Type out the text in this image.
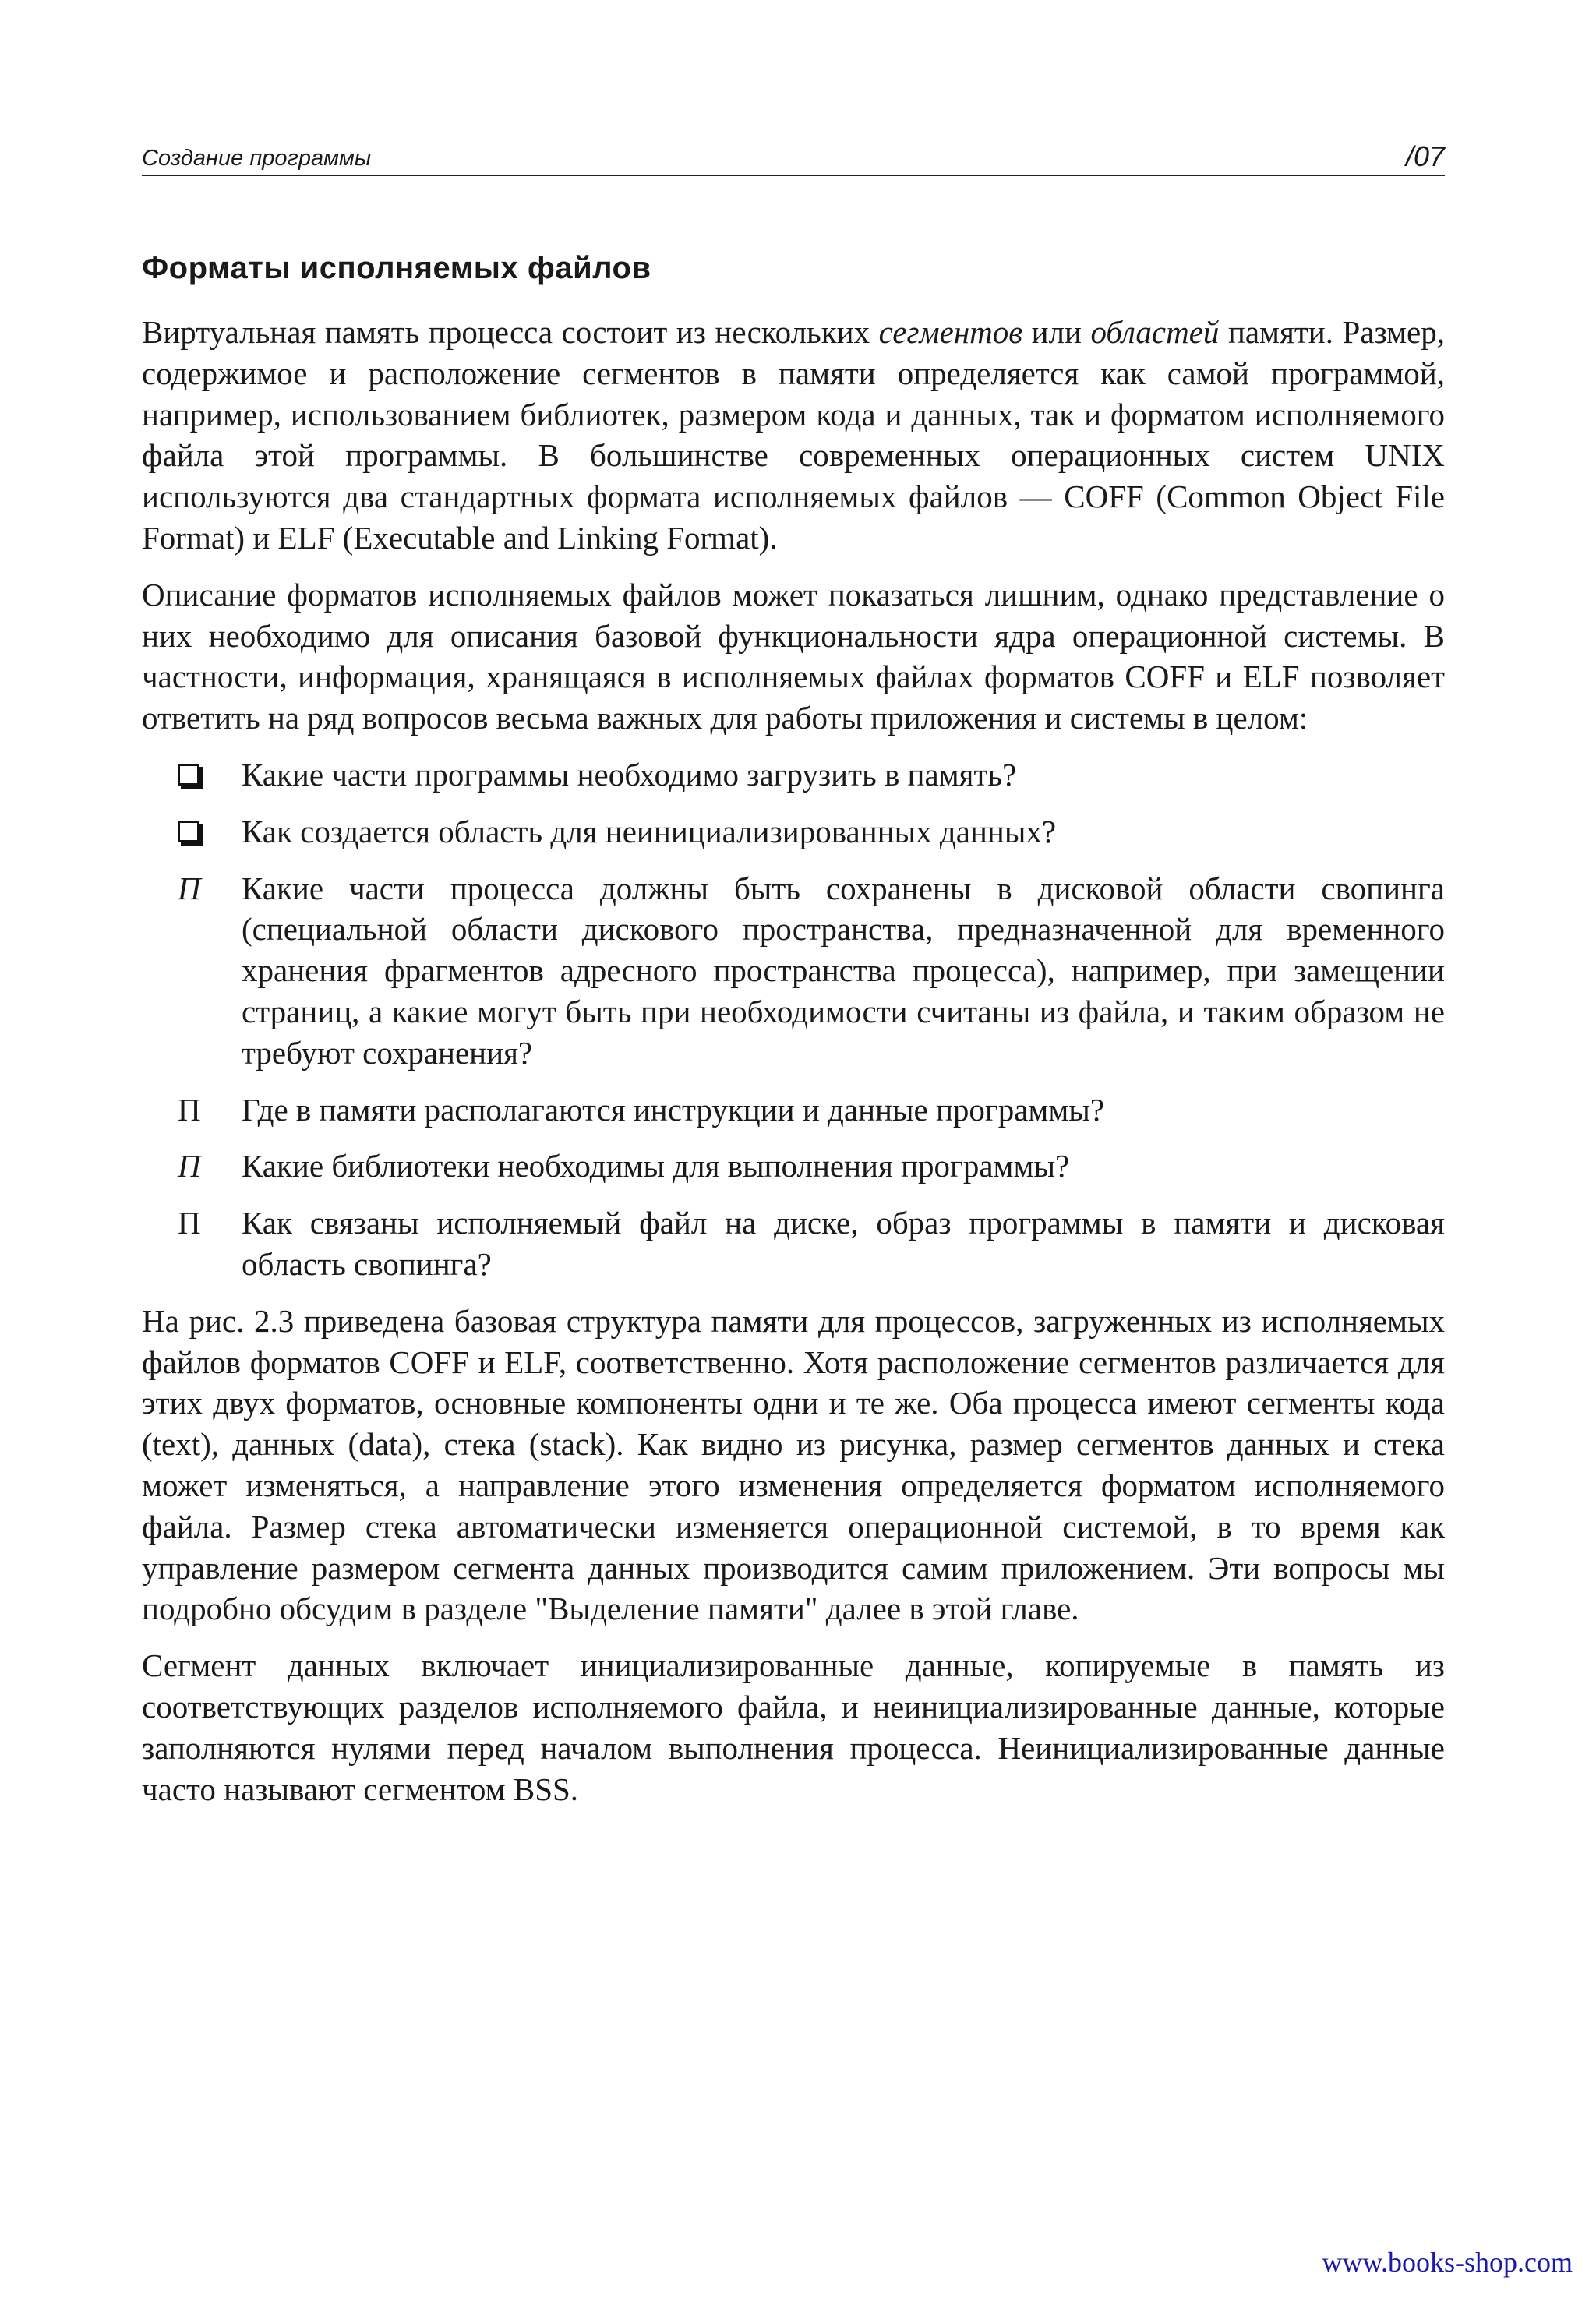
Создание программы	/07
Форматы исполняемых файлов

Виртуальная память процесса состоит из нескольких сегментов или областей памяти. Размер, содержимое и расположение сегментов в памяти определяется как самой программой, например, использованием библиотек, размером кода и данных, так и форматом исполняемого файла этой программы. В большинстве современных операционных систем UNIX используются два стандартных формата исполняемых файлов — COFF (Common Object File Format) и ELF (Executable and Linking Format).

Описание форматов исполняемых файлов может показаться лишним, однако представление о них необходимо для описания базовой функциональности ядра операционной системы. В частности, информация, хранящаяся в исполняемых файлах форматов COFF и ELF позволяет ответить на ряд вопросов весьма важных для работы приложения и системы в целом:

Какие части программы необходимо загрузить в память?
Как создается область для неинициализированных данных?
П	Какие части процесса должны быть сохранены в дисковой области свопинга (специальной области дискового пространства, предназначенной для временного хранения фрагментов адресного пространства процесса), например, при замещении страниц, а какие могут быть при необходимости считаны из файла, и таким образом не требуют сохранения?
П	Где в памяти располагаются инструкции и данные программы?
П	Какие библиотеки необходимы для выполнения программы?
П	Как связаны исполняемый файл на диске, образ программы в памяти и дисковая область свопинга?

На рис. 2.3 приведена базовая структура памяти для процессов, загруженных из исполняемых файлов форматов COFF и ELF, соответственно. Хотя расположение сегментов различается для этих двух форматов, основные компоненты одни и те же. Оба процесса имеют сегменты кода (text), данных (data), стека (stack). Как видно из рисунка, размер сегментов данных и стека может изменяться, а направление этого изменения определяется форматом исполняемого файла. Размер стека автоматически изменяется операционной системой, в то время как управление размером сегмента данных производится самим приложением. Эти вопросы мы подробно обсудим в разделе "Выделение памяти" далее в этой главе.

Сегмент данных включает инициализированные данные, копируемые в память из соответствующих разделов исполняемого файла, и неинициализированные данные, которые заполняются нулями перед началом выполнения процесса. Неинициализированные данные часто называют сегментом BSS.

www.books-shop.com
